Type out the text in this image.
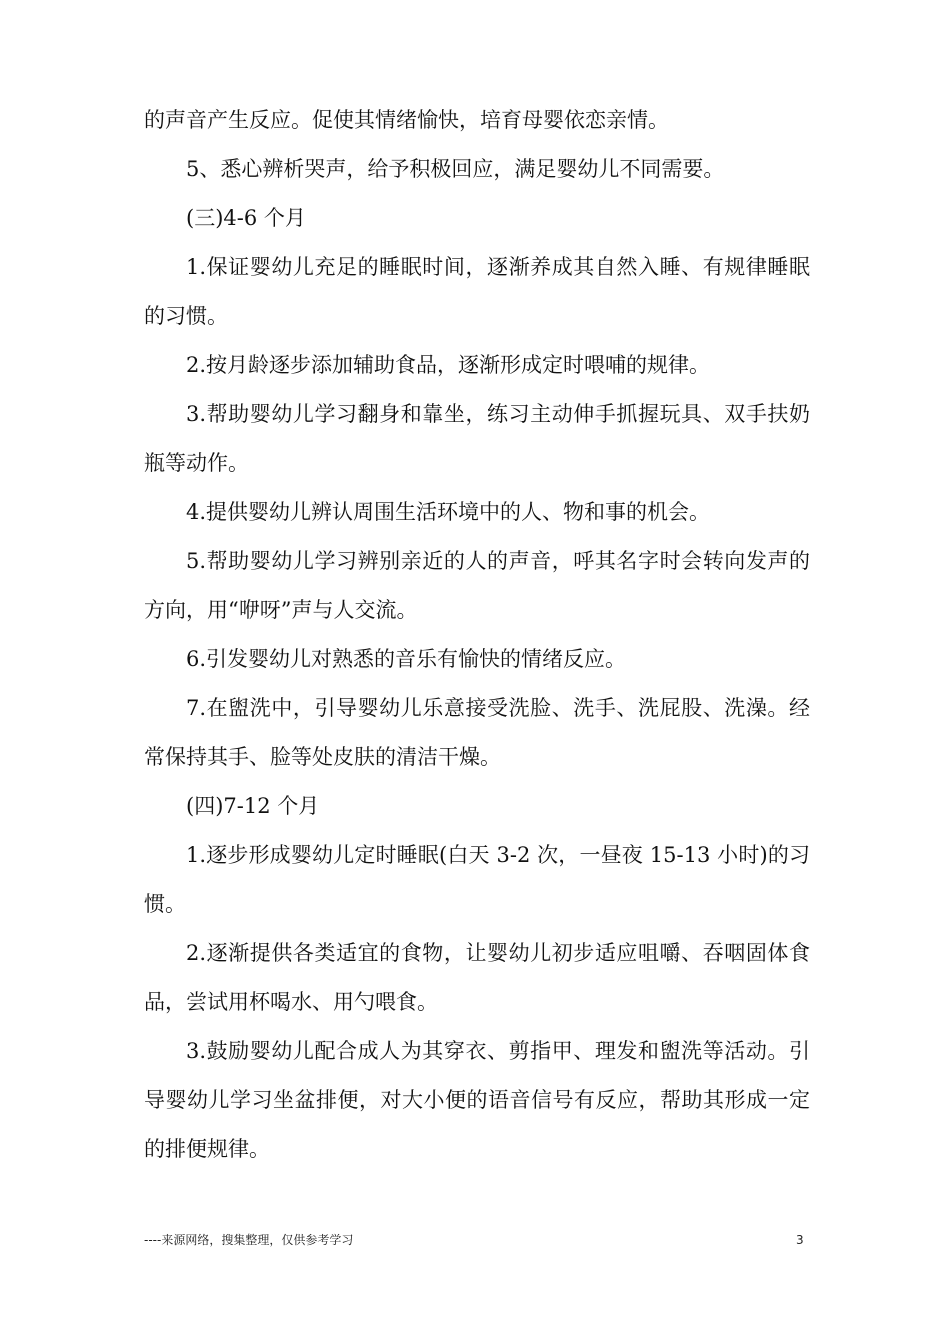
的声音产生反应。促使其情绪愉快，培育母婴依恋亲情。

5、悉心辨析哭声，给予积极回应，满足婴幼儿不同需要。

(三)4-6 个月

1.保证婴幼儿充足的睡眠时间，逐渐养成其自然入睡、有规律睡眠的习惯。

2.按月龄逐步添加辅助食品，逐渐形成定时喂哺的规律。

3.帮助婴幼儿学习翻身和靠坐，练习主动伸手抓握玩具、双手扶奶瓶等动作。

4.提供婴幼儿辨认周围生活环境中的人、物和事的机会。

5.帮助婴幼儿学习辨别亲近的人的声音，呼其名字时会转向发声的方向，用“咿呀”声与人交流。

6.引发婴幼儿对熟悉的音乐有愉快的情绪反应。

7.在盥洗中，引导婴幼儿乐意接受洗脸、洗手、洗屁股、洗澡。经常保持其手、脸等处皮肤的清洁干燥。

(四)7-12 个月

1.逐步形成婴幼儿定时睡眠(白天 3-2 次，一昼夜 15-13 小时)的习惯。

2.逐渐提供各类适宜的食物，让婴幼儿初步适应咀嚼、吞咽固体食品，尝试用杯喝水、用勺喂食。

3.鼓励婴幼儿配合成人为其穿衣、剪指甲、理发和盥洗等活动。引导婴幼儿学习坐盆排便，对大小便的语音信号有反应，帮助其形成一定的排便规律。

----来源网络，搜集整理，仅供参考学习	3
